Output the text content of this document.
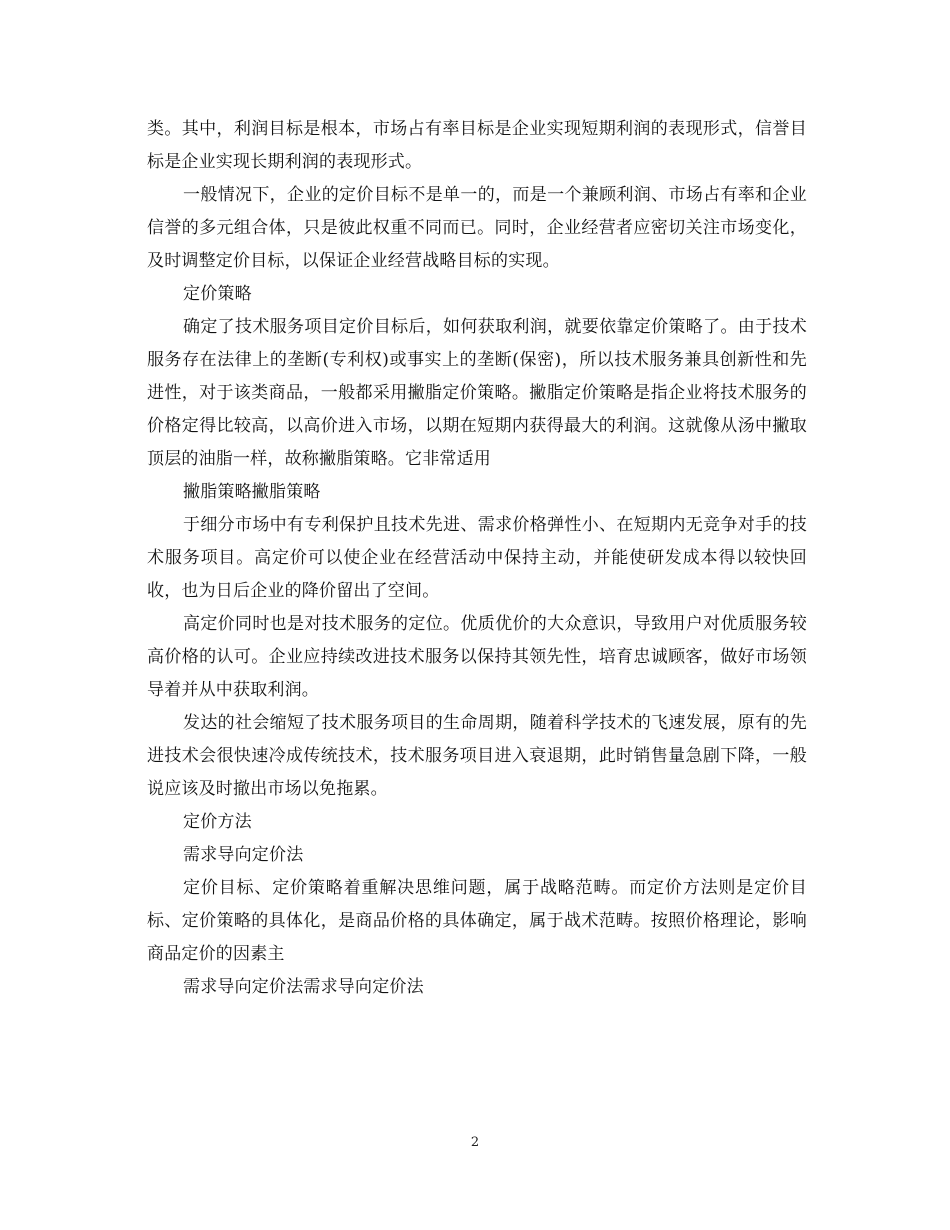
类。其中，利润目标是根本，市场占有率目标是企业实现短期利润的表现形式，信誉目标是企业实现长期利润的表现形式。

一般情况下，企业的定价目标不是单一的，而是一个兼顾利润、市场占有率和企业信誉的多元组合体，只是彼此权重不同而已。同时，企业经营者应密切关注市场变化，及时调整定价目标，以保证企业经营战略目标的实现。

定价策略

确定了技术服务项目定价目标后，如何获取利润，就要依靠定价策略了。由于技术服务存在法律上的垄断(专利权)或事实上的垄断(保密)，所以技术服务兼具创新性和先进性，对于该类商品，一般都采用撇脂定价策略。撇脂定价策略是指企业将技术服务的价格定得比较高，以高价进入市场，以期在短期内获得最大的利润。这就像从汤中撇取顶层的油脂一样，故称撇脂策略。它非常适用

撇脂策略撇脂策略

于细分市场中有专利保护且技术先进、需求价格弹性小、在短期内无竞争对手的技术服务项目。高定价可以使企业在经营活动中保持主动，并能使研发成本得以较快回收，也为日后企业的降价留出了空间。

高定价同时也是对技术服务的定位。优质优价的大众意识，导致用户对优质服务较高价格的认可。企业应持续改进技术服务以保持其领先性，培育忠诚顾客，做好市场领导着并从中获取利润。

发达的社会缩短了技术服务项目的生命周期，随着科学技术的飞速发展，原有的先进技术会很快速冷成传统技术，技术服务项目进入衰退期，此时销售量急剧下降，一般说应该及时撤出市场以免拖累。

定价方法

需求导向定价法

定价目标、定价策略着重解决思维问题，属于战略范畴。而定价方法则是定价目标、定价策略的具体化，是商品价格的具体确定，属于战术范畴。按照价格理论，影响商品定价的因素主

需求导向定价法需求导向定价法

2
